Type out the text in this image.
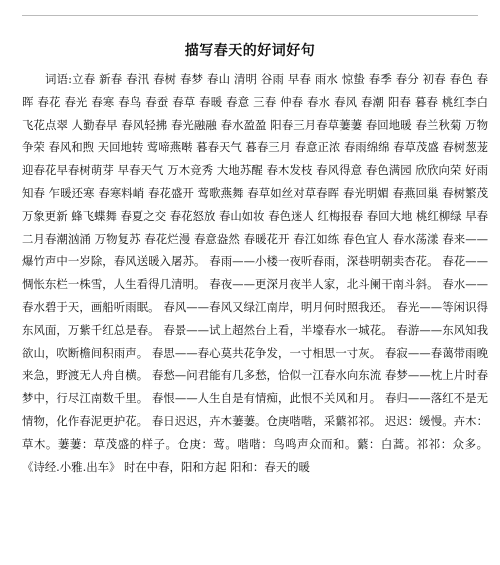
描写春天的好词好句
词语:立春 新春 春汛 春树 春梦 春山 清明 谷雨 早春 雨水 惊蛰 春季 春分 初春 春色 春晖 春花 春光 春寒 春鸟 春蚕 春草 春暖 春意 三春 仲春 春水 春风 春潮 阳春 暮春 桃红李白 飞花点翠 人勤春早 春风轻拂 春光融融 春水盈盈 阳春三月春草萋萋 春回地暖 春兰秋菊 万物争荣 春风和煦 天回地转 莺啼燕啭 暮春天气 暮春三月 春意正浓 春雨绵绵 春草茂盛 春树葱茏 迎春花早春树萌芽 早春天气 万木竞秀 大地苏醒 春木发枝 春风得意 春色满园 欣欣向荣 好雨知春 乍暖还寒 春寒料峭 春花盛开 莺歌燕舞 春草如丝对草春晖 春光明媚 春燕回巢 春树繁茂 万象更新 蜂飞蝶舞 春夏之交 春花怒放 春山如妆 春色迷人 红梅报春 春回大地 桃红柳绿 早春二月春潮汹涌 万物复苏 春花烂漫 春意盎然 春暖花开 春江如练 春色宜人 春水荡漾 春来——爆竹声中一岁除，春风送暖入屠苏。 春雨——小楼一夜听春雨，深巷明朝卖杏花。 春花——惆怅东栏一株雪，人生看得几清明。 春夜——更深月夜半人家，北斗阑干南斗斜。 春水——春水碧于天，画船听雨眠。 春风——春风又绿江南岸，明月何时照我还。 春光——等闲识得东风面，万紫千红总是春。 春景——试上超然台上看，半壕春水一城花。 春游——东风知我欲山，吹断檐间积雨声。 春思——春心莫共花争发，一寸相思一寸灰。 春寂——春蔼带雨晚来急，野渡无人舟自横。 春愁—问君能有几多愁，恰似一江春水向东流 春梦——枕上片时春梦中，行尽江南数千里。 春恨——人生自是有情痴，此恨不关风和月。 春归——落红不是无情物，化作春泥更护花。 春日迟迟，卉木萋萋。仓庚喈喈，采蘩祁祁。 迟迟：缓慢。卉木：草木。萋萋：草茂盛的样子。仓庚：莺。喈喈：鸟鸣声众而和。蘩：白蒿。祁祁：众多。 《诗经.小雅.出车》 时在中春，阳和方起 阳和：春天的暖
